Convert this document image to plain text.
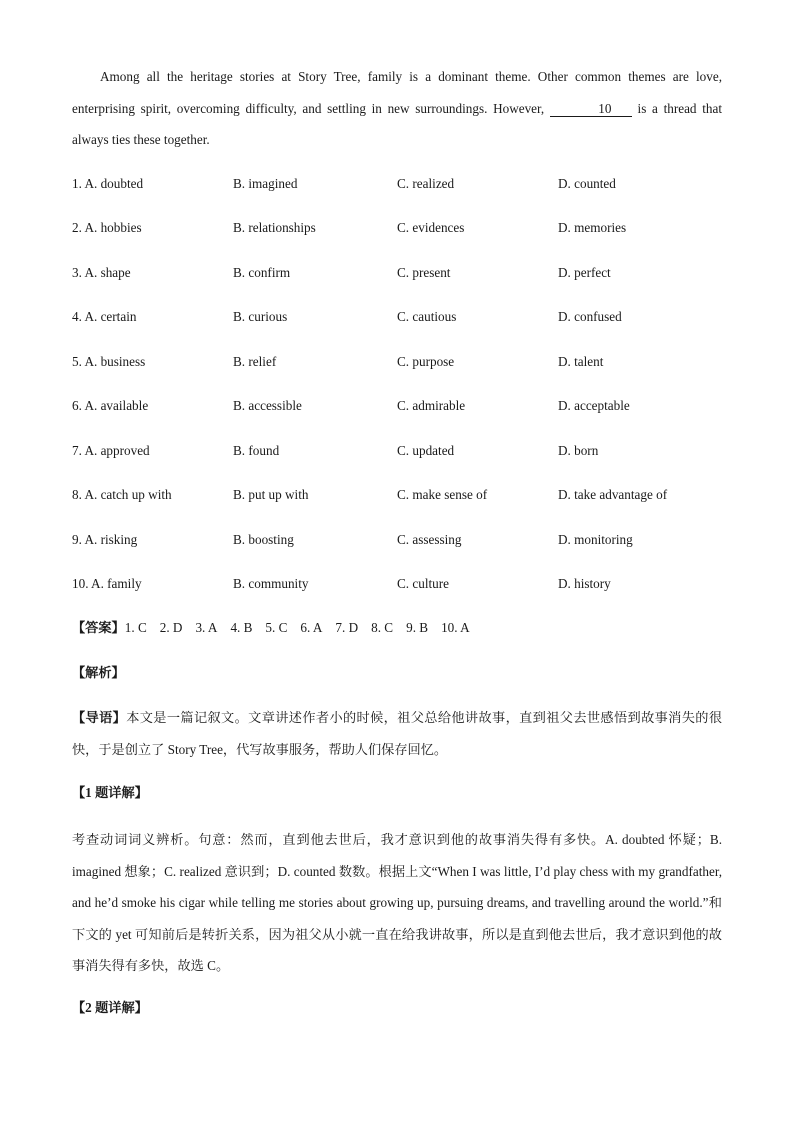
Among all the heritage stories at Story Tree, family is a dominant theme. Other common themes are love, enterprising spirit, overcoming difficulty, and settling in new surroundings. However,	10 is a thread that always ties these together.

1. A. doubted	B. imagined	C. realized	D. counted
2. A. hobbies	B. relationships	C. evidences	D. memories
3. A. shape	B. confirm	C. present	D. perfect
4. A. certain	B. curious	C. cautious	D. confused
5. A. business	B. relief	C. purpose	D. talent
6. A. available	B. accessible	C. admirable	D. acceptable
7. A. approved	B. found	C. updated	D. born
8. A. catch up with	B. put up with	C. make sense of	D. take advantage of
9. A. risking	B. boosting	C. assessing	D. monitoring
10. A. family	B. community	C. culture	D. history
【答案】1. C 2. D 3. A 4. B 5. C 6. A 7. D 8. C 9. B 10. A
【解析】

【导语】本文是一篇记叙文。文章讲述作者小的时候，祖父总给他讲故事，直到祖父去世感悟到故事消失的很快，于是创立了 Story Tree，代写故事服务，帮助人们保存回忆。

【1 题详解】

考查动词词义辨析。句意：然而，直到他去世后，我才意识到他的故事消失得有多快。A. doubted 怀疑；B. imagined 想象；C. realized 意识到；D. counted 数数。根据上文“When I was little, I’d play chess with my grandfather, and he’d smoke his cigar while telling me stories about growing up, pursuing dreams, and travelling around the world.”和下文的 yet 可知前后是转折关系，因为祖父从小就一直在给我讲故事，所以是直到他去世后，我才意识到他的故事消失得有多快，故选 C。

【2 题详解】
